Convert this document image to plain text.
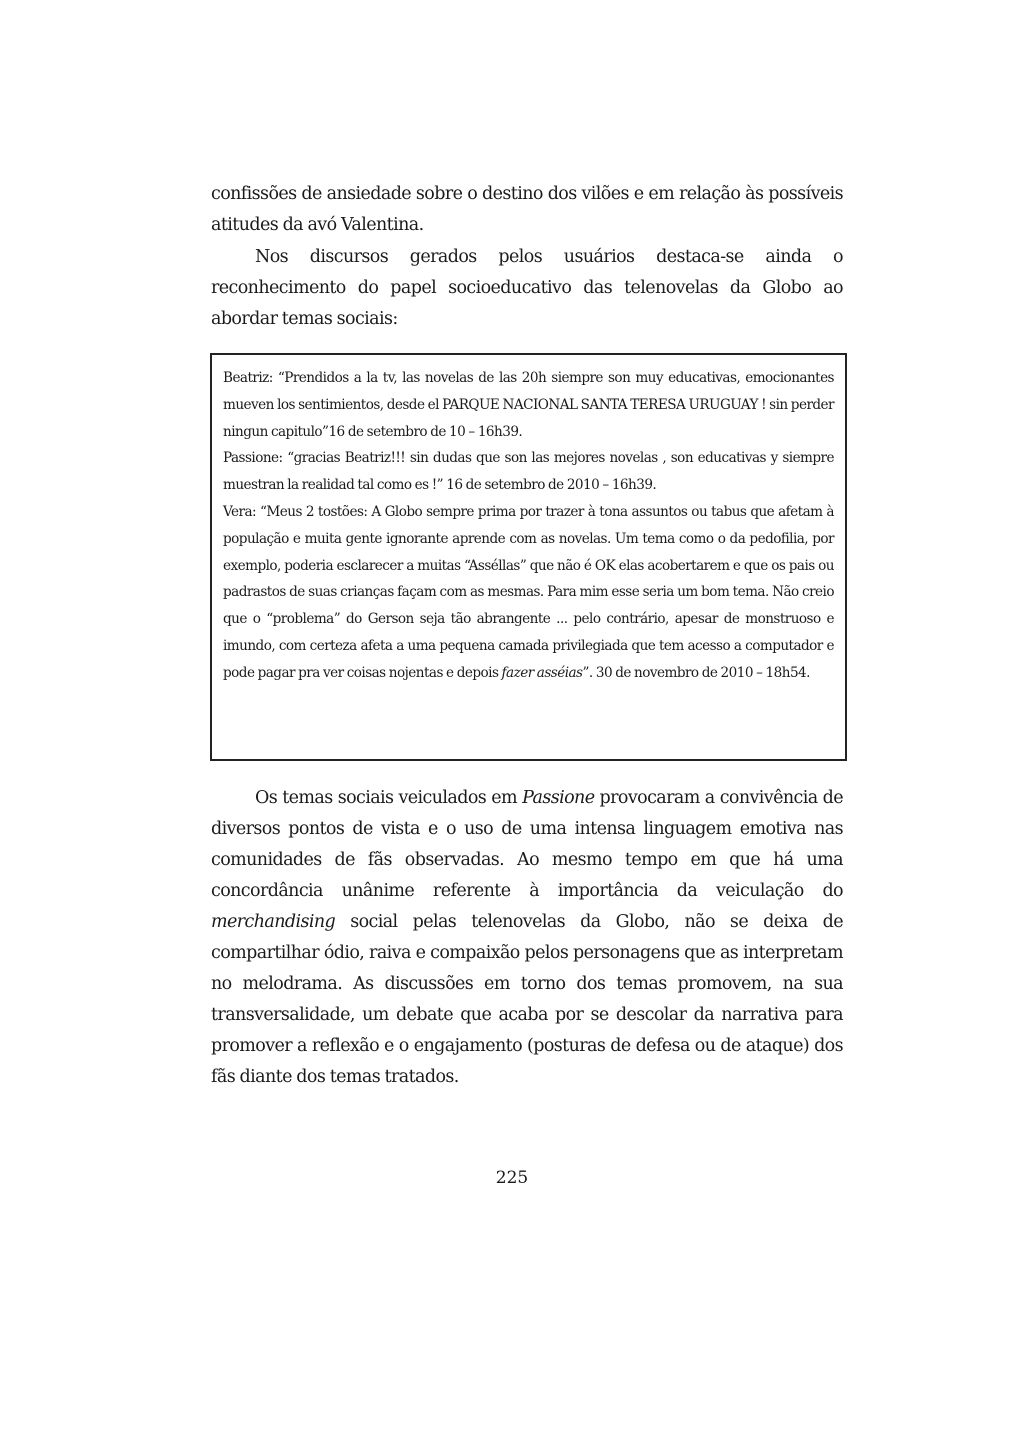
confissões de ansiedade sobre o destino dos vilões e em relação às possíveis atitudes da avó Valentina.

Nos discursos gerados pelos usuários destaca-se ainda o reconhecimento do papel socioeducativo das telenovelas da Globo ao abordar temas sociais:

Beatriz: “Prendidos a la tv, las novelas de las 20h siempre son muy educativas, emocionantes mueven los sentimientos, desde el PARQUE NACIONAL SANTA TERESA URUGUAY ! sin perder ningun capitulo”16 de setembro de 10 – 16h39.

Passione: “gracias Beatriz!!! sin dudas que son las mejores novelas , son educativas y siempre muestran la realidad tal como es !” 16 de setembro de 2010 – 16h39.

Vera: “Meus 2 tostões: A Globo sempre prima por trazer à tona assuntos ou tabus que afetam à população e muita gente ignorante aprende com as novelas. Um tema como o da pedofilia, por exemplo, poderia esclarecer a muitas “Asséllas” que não é OK elas acobertarem e que os pais ou padrastos de suas crianças façam com as mesmas. Para mim esse seria um bom tema. Não creio que o “problema” do Gerson seja tão abrangente ... pelo contrário, apesar de monstruoso e imundo, com certeza afeta a uma pequena camada privilegiada que tem acesso a computador e pode pagar pra ver coisas nojentas e depois fazer asséias”. 30 de novembro de 2010 – 18h54.

Os temas sociais veiculados em Passione provocaram a convivência de diversos pontos de vista e o uso de uma intensa linguagem emotiva nas comunidades de fãs observadas. Ao mesmo tempo em que há uma concordância unânime referente à importância da veiculação do merchandising social pelas telenovelas da Globo, não se deixa de compartilhar ódio, raiva e compaixão pelos personagens que as interpretam no melodrama. As discussões em torno dos temas promovem, na sua transversalidade, um debate que acaba por se descolar da narrativa para promover a reflexão e o engajamento (posturas de defesa ou de ataque) dos fãs diante dos temas tratados.

225
